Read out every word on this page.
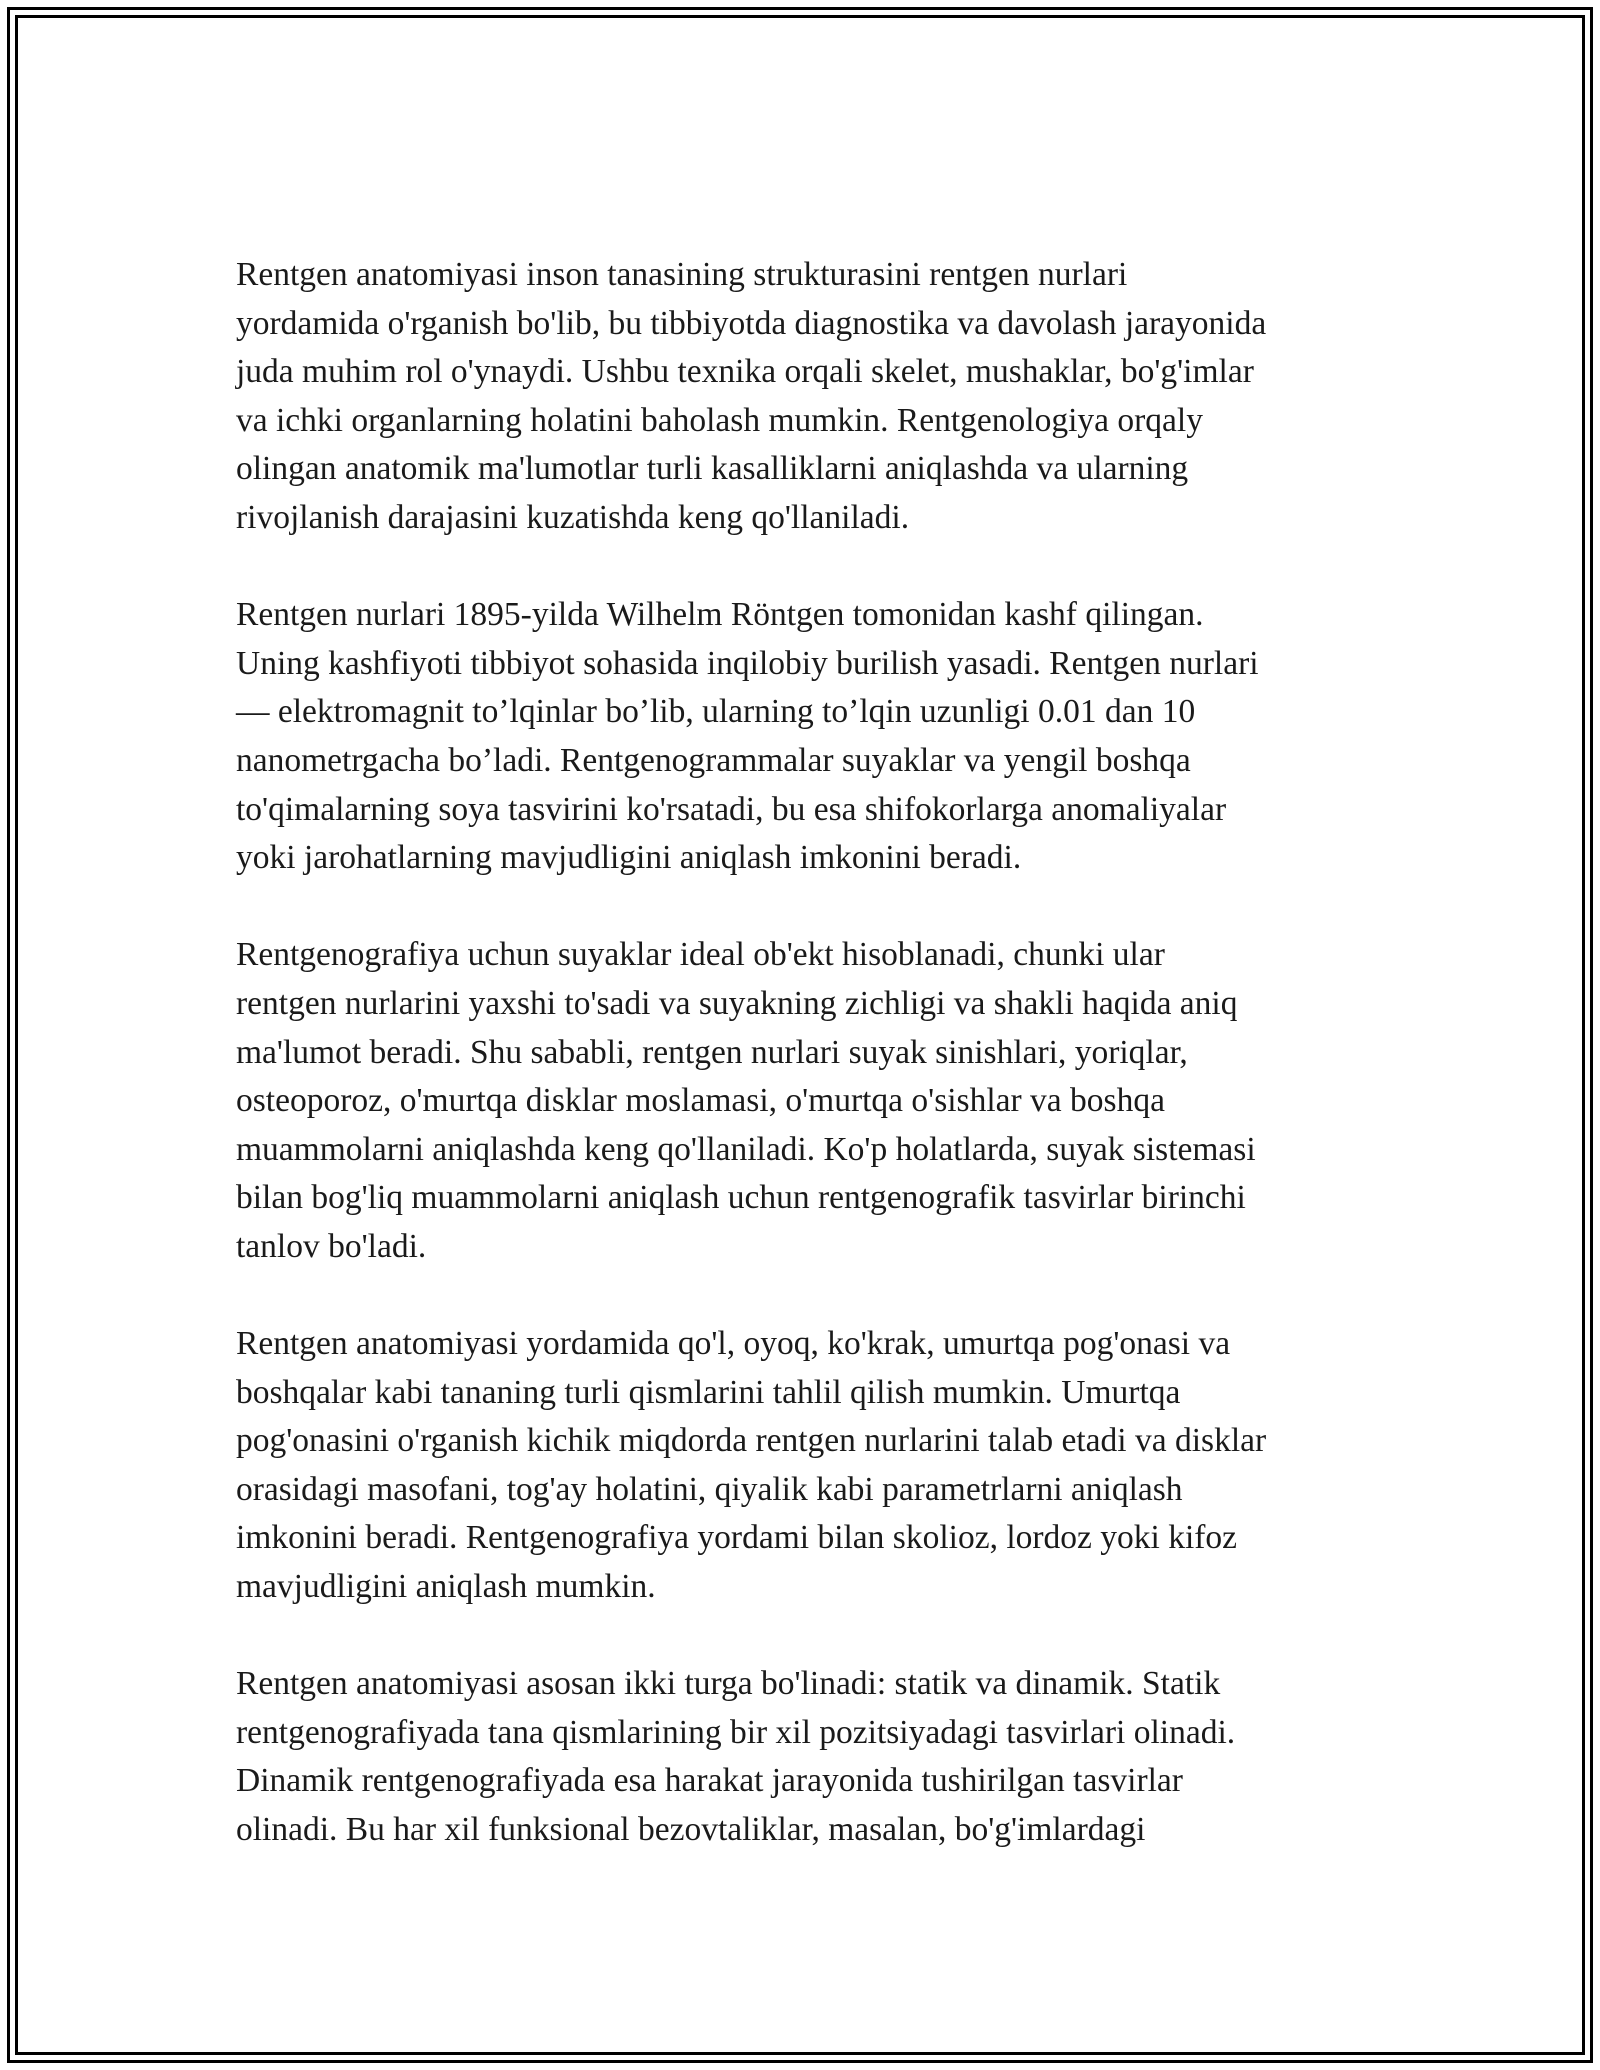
Rentgen anatomiyasi inson tanasining strukturasini rentgen nurlari
yordamida o'rganish bo'lib, bu tibbiyotda diagnostika va davolash jarayonida
juda muhim rol o'ynaydi. Ushbu texnika orqali skelet, mushaklar, bo'g'imlar
va ichki organlarning holatini baholash mumkin. Rentgenologiya orqaly
olingan anatomik ma'lumotlar turli kasalliklarni aniqlashda va ularning
rivojlanish darajasini kuzatishda keng qo'llaniladi.

Rentgen nurlari 1895-yilda Wilhelm Röntgen tomonidan kashf qilingan.
Uning kashfiyoti tibbiyot sohasida inqilobiy burilish yasadi. Rentgen nurlari
— elektromagnit to’lqinlar bo’lib, ularning to’lqin uzunligi 0.01 dan 10
nanometrgacha bo’ladi. Rentgenogrammalar suyaklar va yengil boshqa
to'qimalarning soya tasvirini ko'rsatadi, bu esa shifokorlarga anomaliyalar
yoki jarohatlarning mavjudligini aniqlash imkonini beradi.

Rentgenografiya uchun suyaklar ideal ob'ekt hisoblanadi, chunki ular
rentgen nurlarini yaxshi to'sadi va suyakning zichligi va shakli haqida aniq
ma'lumot beradi. Shu sababli, rentgen nurlari suyak sinishlari, yoriqlar,
osteoporoz, o'murtqa disklar moslamasi, o'murtqa o'sishlar va boshqa
muammolarni aniqlashda keng qo'llaniladi. Ko'p holatlarda, suyak sistemasi
bilan bog'liq muammolarni aniqlash uchun rentgenografik tasvirlar birinchi
tanlov bo'ladi.

Rentgen anatomiyasi yordamida qo'l, oyoq, ko'krak, umurtqa pog'onasi va
boshqalar kabi tananing turli qismlarini tahlil qilish mumkin. Umurtqa
pog'onasini o'rganish kichik miqdorda rentgen nurlarini talab etadi va disklar
orasidagi masofani, tog'ay holatini, qiyalik kabi parametrlarni aniqlash
imkonini beradi. Rentgenografiya yordami bilan skolioz, lordoz yoki kifoz
mavjudligini aniqlash mumkin.

Rentgen anatomiyasi asosan ikki turga bo'linadi: statik va dinamik. Statik
rentgenografiyada tana qismlarining bir xil pozitsiyadagi tasvirlari olinadi.
Dinamik rentgenografiyada esa harakat jarayonida tushirilgan tasvirlar
olinadi. Bu har xil funksional bezovtaliklar, masalan, bo'g'imlardagi
